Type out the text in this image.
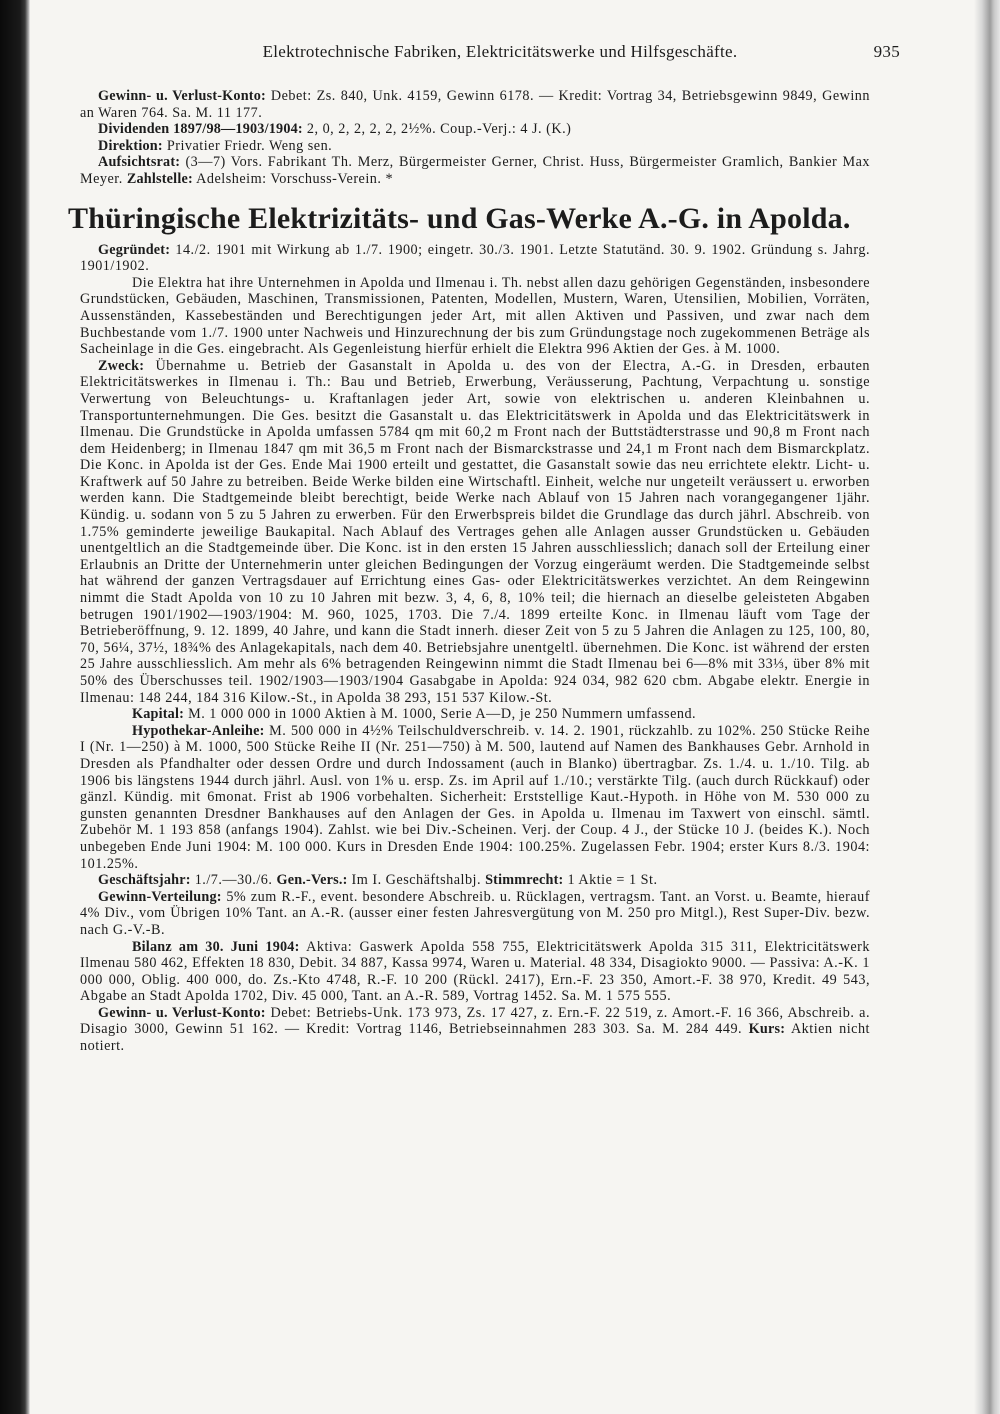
Elektrotechnische Fabriken, Elektricitätswerke und Hilfsgeschäfte.	935

Gewinn- u. Verlust-Konto: Debet: Zs. 840, Unk. 4159, Gewinn 6178. — Kredit: Vortrag 34, Betriebsgewinn 9849, Gewinn an Waren 764. Sa. M. 11 177.

Dividenden 1897/98—1903/1904: 2, 0, 2, 2, 2, 2, 2½%. Coup.-Verj.: 4 J. (K.)

Direktion: Privatier Friedr. Weng sen.

Aufsichtsrat: (3—7) Vors. Fabrikant Th. Merz, Bürgermeister Gerner, Christ. Huss, Bürgermeister Gramlich, Bankier Max Meyer. Zahlstelle: Adelsheim: Vorschuss-Verein. *

Thüringische Elektrizitäts- und Gas-Werke A.-G. in Apolda.

Gegründet: 14./2. 1901 mit Wirkung ab 1./7. 1900; eingetr. 30./3. 1901. Letzte Statutänd. 30. 9. 1902. Gründung s. Jahrg. 1901/1902.

Die Elektra hat ihre Unternehmen in Apolda und Ilmenau i. Th. nebst allen dazu gehörigen Gegenständen, insbesondere Grundstücken, Gebäuden, Maschinen, Transmissionen, Patenten, Modellen, Mustern, Waren, Utensilien, Mobilien, Vorräten, Aussenständen, Kassebeständen und Berechtigungen jeder Art, mit allen Aktiven und Passiven, und zwar nach dem Buchbestande vom 1./7. 1900 unter Nachweis und Hinzurechnung der bis zum Gründungstage noch zugekommenen Beträge als Sacheinlage in die Ges. eingebracht. Als Gegenleistung hierfür erhielt die Elektra 996 Aktien der Ges. à M. 1000.

Zweck: Übernahme u. Betrieb der Gasanstalt in Apolda u. des von der Electra, A.-G. in Dresden, erbauten Elektricitätswerkes in Ilmenau i. Th.: Bau und Betrieb, Erwerbung, Veräusserung, Pachtung, Verpachtung u. sonstige Verwertung von Beleuchtungs- u. Kraftanlagen jeder Art, sowie von elektrischen u. anderen Kleinbahnen u. Transportunternehmungen. Die Ges. besitzt die Gasanstalt u. das Elektricitätswerk in Apolda und das Elektricitätswerk in Ilmenau. Die Grundstücke in Apolda umfassen 5784 qm mit 60,2 m Front nach der Buttstädterstrasse und 90,8 m Front nach dem Heidenberg; in Ilmenau 1847 qm mit 36,5 m Front nach der Bismarckstrasse und 24,1 m Front nach dem Bismarckplatz. Die Konc. in Apolda ist der Ges. Ende Mai 1900 erteilt und gestattet, die Gasanstalt sowie das neu errichtete elektr. Licht- u. Kraftwerk auf 50 Jahre zu betreiben. Beide Werke bilden eine Wirtschaftl. Einheit, welche nur ungeteilt veräussert u. erworben werden kann. Die Stadtgemeinde bleibt berechtigt, beide Werke nach Ablauf von 15 Jahren nach vorangegangener 1jähr. Kündig. u. sodann von 5 zu 5 Jahren zu erwerben. Für den Erwerbspreis bildet die Grundlage das durch jährl. Abschreib. von 1.75% geminderte jeweilige Baukapital. Nach Ablauf des Vertrages gehen alle Anlagen ausser Grundstücken u. Gebäuden unentgeltlich an die Stadtgemeinde über. Die Konc. ist in den ersten 15 Jahren ausschliesslich; danach soll der Erteilung einer Erlaubnis an Dritte der Unternehmerin unter gleichen Bedingungen der Vorzug eingeräumt werden. Die Stadtgemeinde selbst hat während der ganzen Vertragsdauer auf Errichtung eines Gas- oder Elektricitätswerkes verzichtet. An dem Reingewinn nimmt die Stadt Apolda von 10 zu 10 Jahren mit bezw. 3, 4, 6, 8, 10% teil; die hiernach an dieselbe geleisteten Abgaben betrugen 1901/1902—1903/1904: M. 960, 1025, 1703. Die 7./4. 1899 erteilte Konc. in Ilmenau läuft vom Tage der Betrieberöffnung, 9. 12. 1899, 40 Jahre, und kann die Stadt innerh. dieser Zeit von 5 zu 5 Jahren die Anlagen zu 125, 100, 80, 70, 56¼, 37½, 18¾% des Anlagekapitals, nach dem 40. Betriebsjahre unentgeltl. übernehmen. Die Konc. ist während der ersten 25 Jahre ausschliesslich. Am mehr als 6% betragenden Reingewinn nimmt die Stadt Ilmenau bei 6—8% mit 33⅓, über 8% mit 50% des Überschusses teil. 1902/1903—1903/1904 Gasabgabe in Apolda: 924 034, 982 620 cbm. Abgabe elektr. Energie in Ilmenau: 148 244, 184 316 Kilow.-St., in Apolda 38 293, 151 537 Kilow.-St.

Kapital: M. 1 000 000 in 1000 Aktien à M. 1000, Serie A—D, je 250 Nummern umfassend.

Hypothekar-Anleihe: M. 500 000 in 4½% Teilschuldverschreib. v. 14. 2. 1901, rückzahlb. zu 102%. 250 Stücke Reihe I (Nr. 1—250) à M. 1000, 500 Stücke Reihe II (Nr. 251—750) à M. 500, lautend auf Namen des Bankhauses Gebr. Arnhold in Dresden als Pfandhalter oder dessen Ordre und durch Indossament (auch in Blanko) übertragbar. Zs. 1./4. u. 1./10. Tilg. ab 1906 bis längstens 1944 durch jährl. Ausl. von 1% u. ersp. Zs. im April auf 1./10.; verstärkte Tilg. (auch durch Rückkauf) oder gänzl. Kündig. mit 6monat. Frist ab 1906 vorbehalten. Sicherheit: Erststellige Kaut.-Hypoth. in Höhe von M. 530 000 zu gunsten genannten Dresdner Bankhauses auf den Anlagen der Ges. in Apolda u. Ilmenau im Taxwert von einschl. sämtl. Zubehör M. 1 193 858 (anfangs 1904). Zahlst. wie bei Div.-Scheinen. Verj. der Coup. 4 J., der Stücke 10 J. (beides K.). Noch unbegeben Ende Juni 1904: M. 100 000. Kurs in Dresden Ende 1904: 100.25%. Zugelassen Febr. 1904; erster Kurs 8./3. 1904: 101.25%.

Geschäftsjahr: 1./7.—30./6. Gen.-Vers.: Im I. Geschäftshalbj. Stimmrecht: 1 Aktie = 1 St.

Gewinn-Verteilung: 5% zum R.-F., event. besondere Abschreib. u. Rücklagen, vertragsm. Tant. an Vorst. u. Beamte, hierauf 4% Div., vom Übrigen 10% Tant. an A.-R. (ausser einer festen Jahresvergütung von M. 250 pro Mitgl.), Rest Super-Div. bezw. nach G.-V.-B.

Bilanz am 30. Juni 1904: Aktiva: Gaswerk Apolda 558 755, Elektricitätswerk Apolda 315 311, Elektricitätswerk Ilmenau 580 462, Effekten 18 830, Debit. 34 887, Kassa 9974, Waren u. Material. 48 334, Disagiokto 9000. — Passiva: A.-K. 1 000 000, Oblig. 400 000, do. Zs.-Kto 4748, R.-F. 10 200 (Rückl. 2417), Ern.-F. 23 350, Amort.-F. 38 970, Kredit. 49 543, Abgabe an Stadt Apolda 1702, Div. 45 000, Tant. an A.-R. 589, Vortrag 1452. Sa. M. 1 575 555.

Gewinn- u. Verlust-Konto: Debet: Betriebs-Unk. 173 973, Zs. 17 427, z. Ern.-F. 22 519, z. Amort.-F. 16 366, Abschreib. a. Disagio 3000, Gewinn 51 162. — Kredit: Vortrag 1146, Betriebseinnahmen 283 303. Sa. M. 284 449. Kurs: Aktien nicht notiert.
